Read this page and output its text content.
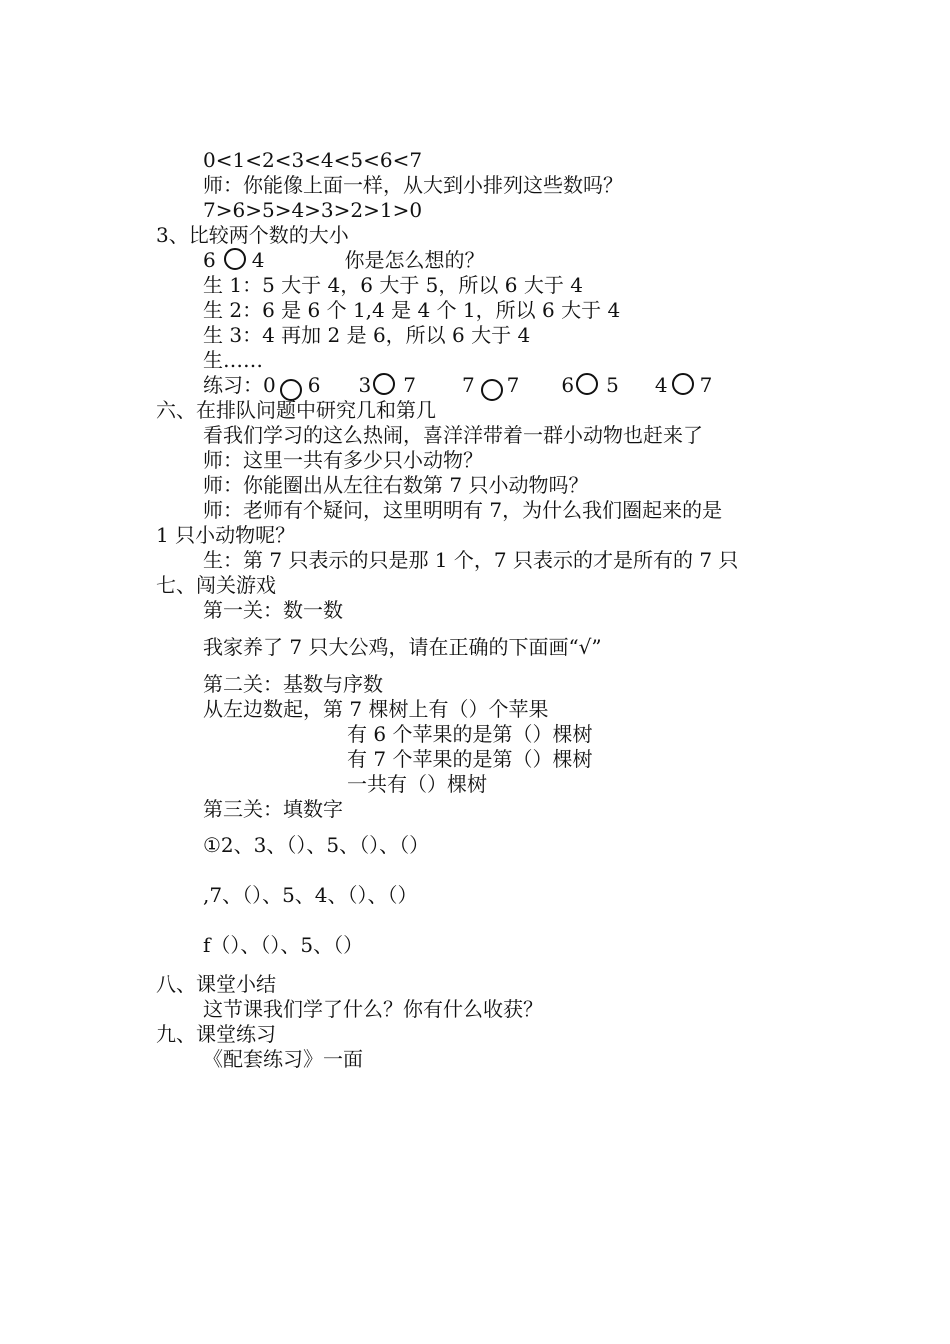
0<1<2<3<4<5<6<7
师：你能像上面一样，从大到小排列这些数吗？
7>6>5>4>3>2>1>0
3、比较两个数的大小
6 4	你是怎么想的？
生 1：5 大于 4，6 大于 5，所以 6 大于 4
生 2：6 是 6 个 1,4 是 4 个 1，所以 6 大于 4
生 3：4 再加 2 是 6，所以 6 大于 4
生……
练习：0 6 3 7 7 7 6 5 4 7
六、在排队问题中研究几和第几
看我们学习的这么热闹，喜洋洋带着一群小动物也赶来了
师：这里一共有多少只小动物？
师：你能圈出从左往右数第 7 只小动物吗？
师：老师有个疑问，这里明明有 7，为什么我们圈起来的是
1 只小动物呢？
生：第 7 只表示的只是那 1 个，7 只表示的才是所有的 7 只
七、闯关游戏
第一关：数一数
我家养了 7 只大公鸡，请在正确的下面画“√”
第二关：基数与序数
从左边数起，第 7 棵树上有（）个苹果
有 6 个苹果的是第（）棵树
有 7 个苹果的是第（）棵树
一共有（）棵树
第三关：填数字
①2、3、（）、5、（）、（）
,7、（）、5、4、（）、（）
f（）、（）、5、（）
八、课堂小结
这节课我们学了什么？你有什么收获？
九、课堂练习
《配套练习》一面
